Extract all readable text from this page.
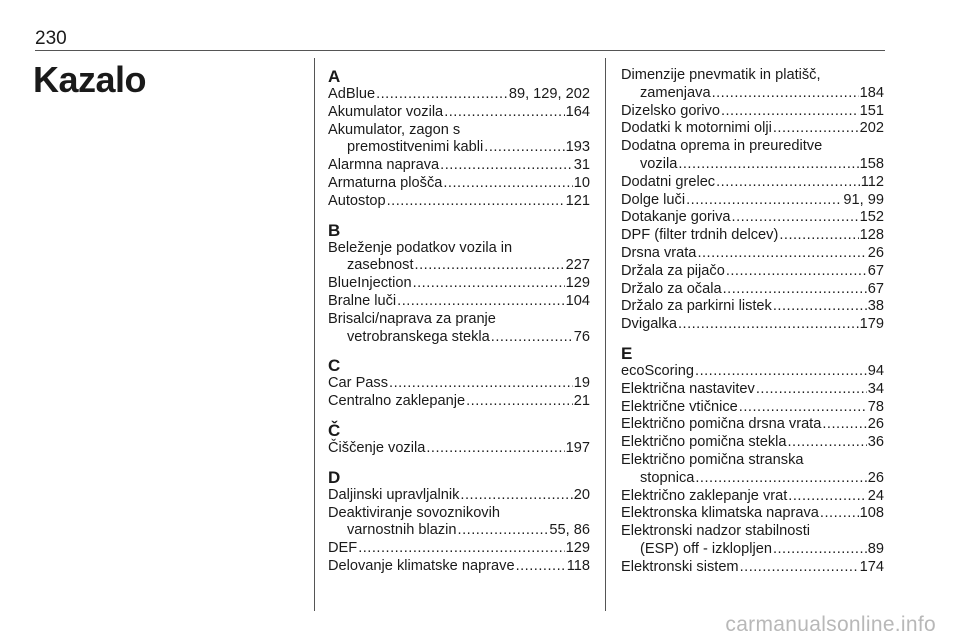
230
Kazalo	A
AdBlue .....	89, 129, 202
Akumulator vozila .....	164
Akumulator, zagon s
premostitvenimi kabli .....	193
Alarmna naprava .....	31
Armaturna plošča .....	10
Autostop .....	121
B
Beleženje podatkov vozila in
zasebnost .....	227
BlueInjection .....	129
Bralne luči .....	104
Brisalci/naprava za pranje
vetrobranskega stekla .....	76
C
Car Pass .....	19
Centralno zaklepanje .....	21
Č
Čiščenje vozila .....	197
D
Daljinski upravljalnik .....	20
Deaktiviranje sovoznikovih
varnostnih blazin .....	55, 86
DEF .....	129
Delovanje klimatske naprave .....	118
Dimenzije pnevmatik in platišč,
zamenjava .....	184
Dizelsko gorivo .....	151
Dodatki k motornimi olji .....	202
Dodatna oprema in preureditve
vozila .....	158
Dodatni grelec .....	112
Dolge luči .....	91, 99
Dotakanje goriva .....	152
DPF (filter trdnih delcev) .....	128
Drsna vrata .....	26
Držala za pijačo .....	67
Držalo za očala .....	67
Držalo za parkirni listek .....	38
Dvigalka .....	179
E
ecoScoring .....	94
Električna nastavitev .....	34
Električne vtičnice .....	78
Električno pomična drsna vrata .....	26
Električno pomična stekla .....	36
Električno pomična stranska
stopnica .....	26
Električno zaklepanje vrat .....	24
Elektronska klimatska naprava .....	108
Elektronski nadzor stabilnosti
(ESP) off - izklopljen .....	89
Elektronski sistem .....	174
carmanualsonline.info
